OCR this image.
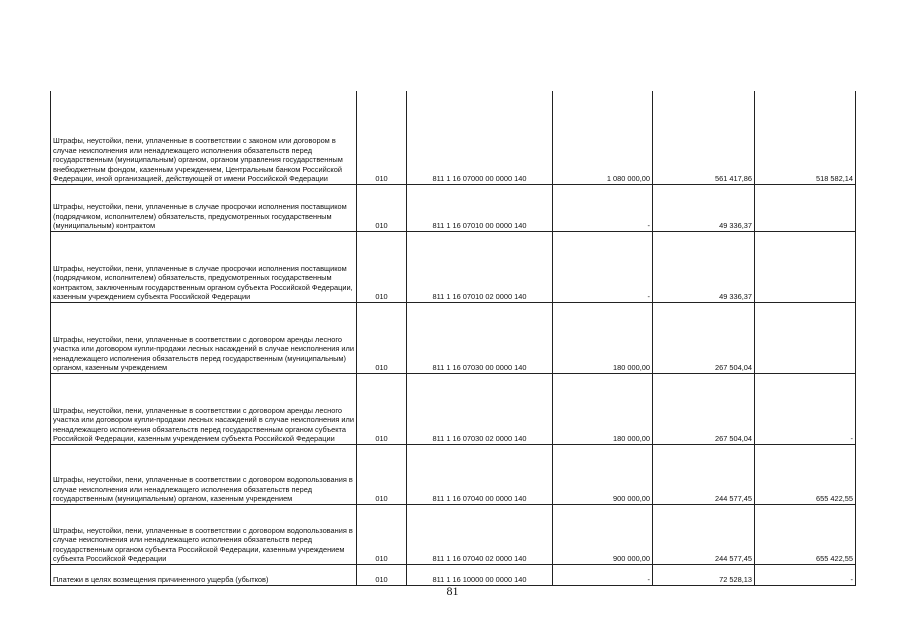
Штрафы, неустойки, пени, уплаченные в соответствии с законом или договором в случае неисполнения или ненадлежащего исполнения обязательств перед государственным (муниципальным) органом, органом управления государственным внебюджетным фондом, казенным учреждением, Центральным банком Российской Федерации, иной организацией, действующей от имени Российской Федерации	010	811 1 16 07000 00 0000 140	1 080 000,00	561 417,86	518 582,14
Штрафы, неустойки, пени, уплаченные в случае просрочки исполнения поставщиком (подрядчиком, исполнителем) обязательств, предусмотренных государственным (муниципальным) контрактом	010	811 1 16 07010 00 0000 140	-	49 336,37	
Штрафы, неустойки, пени, уплаченные в случае просрочки исполнения поставщиком (подрядчиком, исполнителем) обязательств, предусмотренных государственным контрактом, заключенным государственным органом субъекта Российской Федерации, казенным учреждением субъекта Российской Федерации	010	811 1 16 07010 02 0000 140	-	49 336,37	
Штрафы, неустойки, пени, уплаченные в соответствии с договором аренды лесного участка или договором купли-продажи лесных насаждений в случае неисполнения или ненадлежащего исполнения обязательств перед государственным (муниципальным) органом, казенным учреждением	010	811 1 16 07030 00 0000 140	180 000,00	267 504,04	
Штрафы, неустойки, пени, уплаченные в соответствии с договором аренды лесного участка или договором купли-продажи лесных насаждений в случае неисполнения или ненадлежащего исполнения обязательств перед государственным органом субъекта Российской Федерации, казенным учреждением субъекта Российской Федерации	010	811 1 16 07030 02 0000 140	180 000,00	267 504,04	-
Штрафы, неустойки, пени, уплаченные в соответствии с договором водопользования в случае неисполнения или ненадлежащего исполнения обязательств перед государственным (муниципальным) органом, казенным учреждением	010	811 1 16 07040 00 0000 140	900 000,00	244 577,45	655 422,55
Штрафы, неустойки, пени, уплаченные в соответствии с договором водопользования в случае неисполнения или ненадлежащего исполнения обязательств перед государственным органом субъекта Российской Федерации, казенным учреждением субъекта Российской Федерации	010	811 1 16 07040 02 0000 140	900 000,00	244 577,45	655 422,55
Платежи в целях возмещения причиненного ущерба (убытков)	010	811 1 16 10000 00 0000 140	-	72 528,13	-
81
